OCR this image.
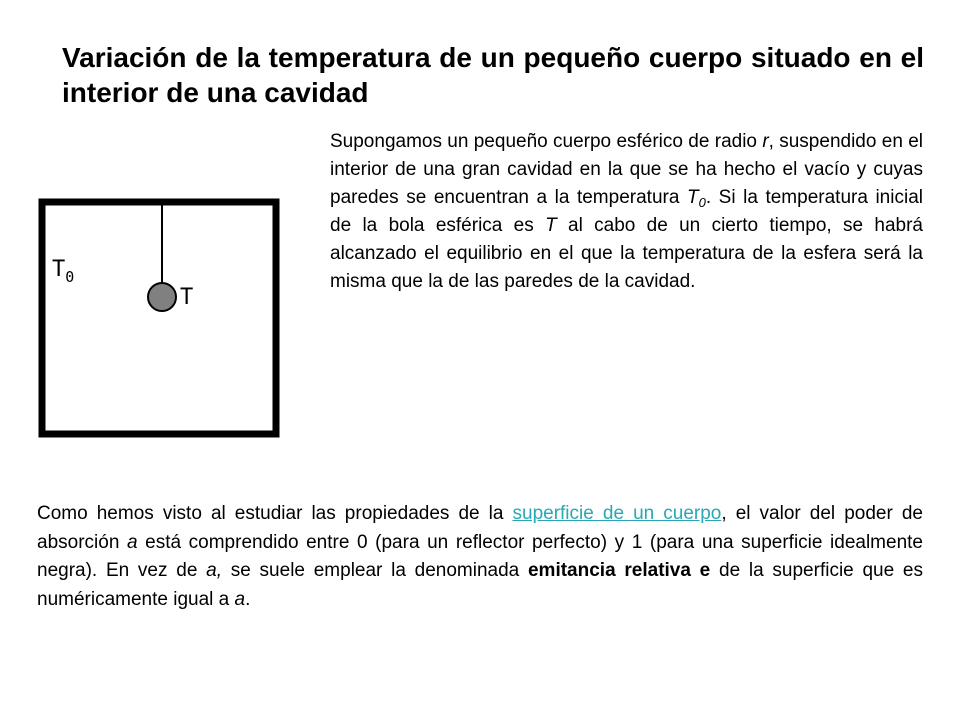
Variación de la temperatura de un pequeño cuerpo situado en el interior de una cavidad

Supongamos un pequeño cuerpo esférico de radio r, suspendido en el interior de una gran cavidad en la que se ha hecho el vacío y cuyas paredes se encuentran a la temperatura $T_0$. Si la temperatura inicial de la bola esférica es T al cabo de un cierto tiempo, se habrá alcanzado el equilibrio en el que la temperatura de la esfera será la misma que la de las paredes de la cavidad.

$T_0$
T

Como hemos visto al estudiar las propiedades de la superficie de un cuerpo, el valor del poder de absorción a está comprendido entre 0 (para un reflector perfecto) y 1 (para una superficie idealmente negra). En vez de a, se suele emplear la denominada emitancia relativa e de la superficie que es numéricamente igual a a.
